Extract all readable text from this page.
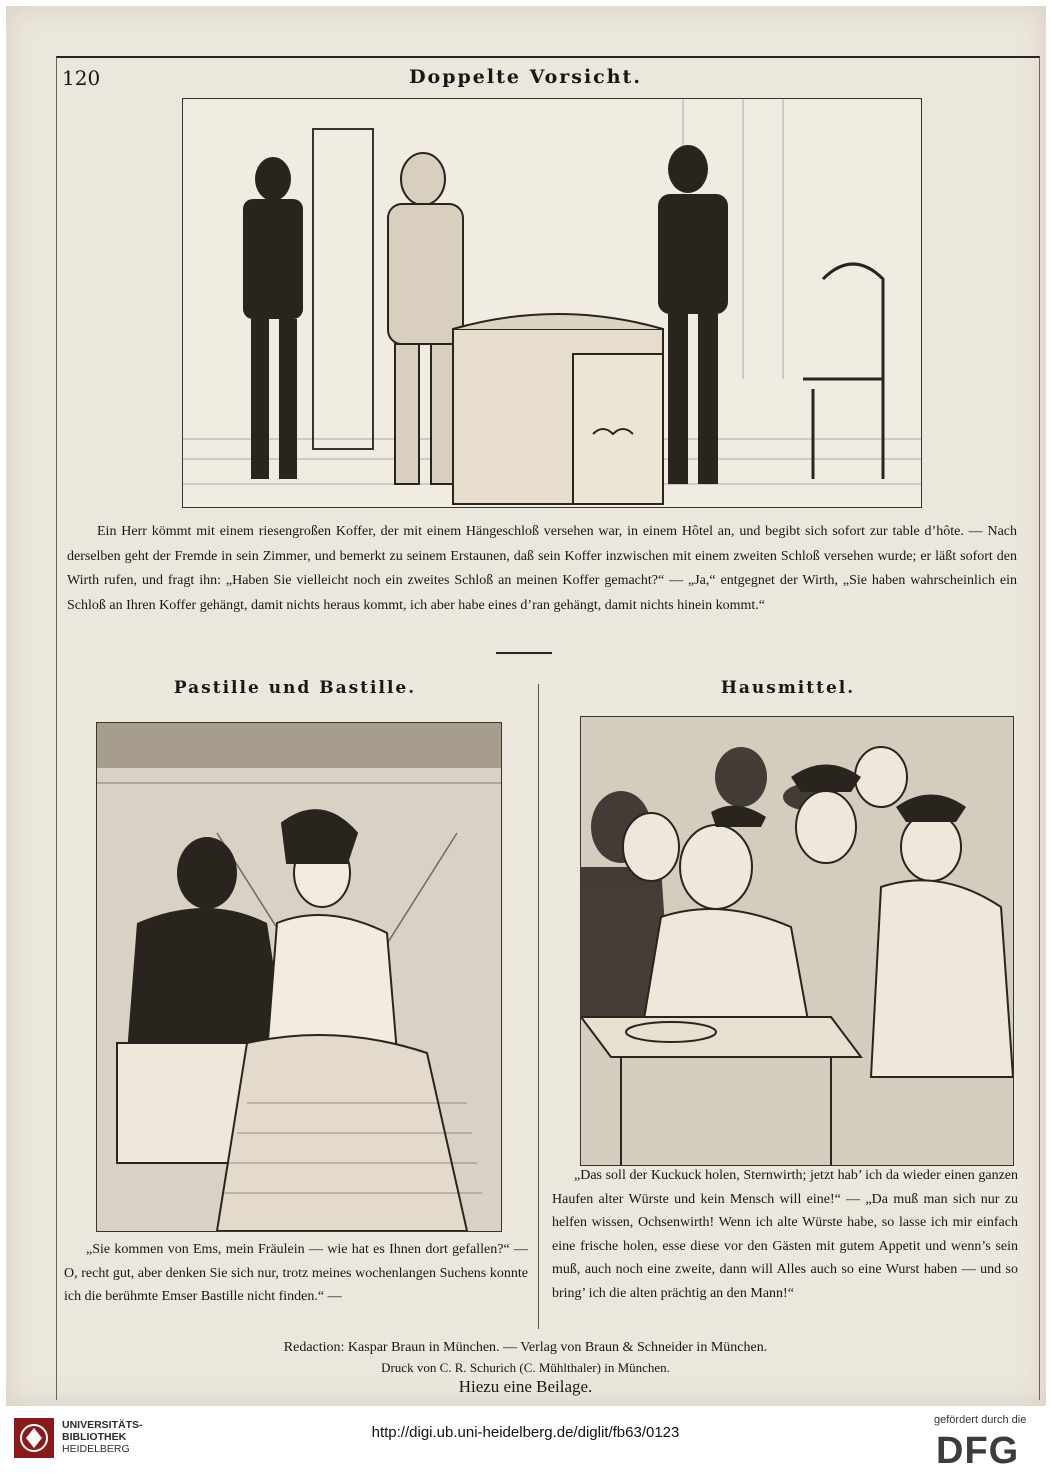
120	Doppelte Vorsicht.

Ein Herr kömmt mit einem riesengroßen Koffer, der mit einem Hängeschloß versehen war, in einem Hôtel an, und begibt sich sofort zur table d’hôte. — Nach derselben geht der Fremde in sein Zimmer, und bemerkt zu seinem Erstaunen, daß sein Koffer inzwischen mit einem zweiten Schloß versehen wurde; er läßt sofort den Wirth rufen, und fragt ihn: „Haben Sie vielleicht noch ein zweites Schloß an meinen Koffer gemacht?“ — „Ja,“ entgegnet der Wirth, „Sie haben wahrscheinlich ein Schloß an Ihren Koffer gehängt, damit nichts heraus kommt, ich aber habe eines d’ran gehängt, damit nichts hinein kommt.“

Pastille und Bastille.	Hausmittel.

„Sie kommen von Ems, mein Fräulein — wie hat es Ihnen dort gefallen?“ — O, recht gut, aber denken Sie sich nur, trotz meines wochenlangen Suchens konnte ich die berühmte Emser Bastille nicht finden.“ —

„Das soll der Kuckuck holen, Sternwirth; jetzt hab’ ich da wieder einen ganzen Haufen alter Würste und kein Mensch will eine!“ — „Da muß man sich nur zu helfen wissen, Ochsenwirth! Wenn ich alte Würste habe, so lasse ich mir einfach eine frische holen, esse diese vor den Gästen mit gutem Appetit und wenn’s sein muß, auch noch eine zweite, dann will Alles auch so eine Wurst haben — und so bring’ ich die alten prächtig an den Mann!“

Redaction: Kaspar Braun in München. — Verlag von Braun & Schneider in München.
Druck von C. R. Schurich (C. Mühlthaler) in München.
Hiezu eine Beilage.
UNIVERSITÄTS-
BIBLIOTHEK
HEIDELBERG
http://digi.ub.uni-heidelberg.de/diglit/fb63/0123
gefördert durch die
DFG
